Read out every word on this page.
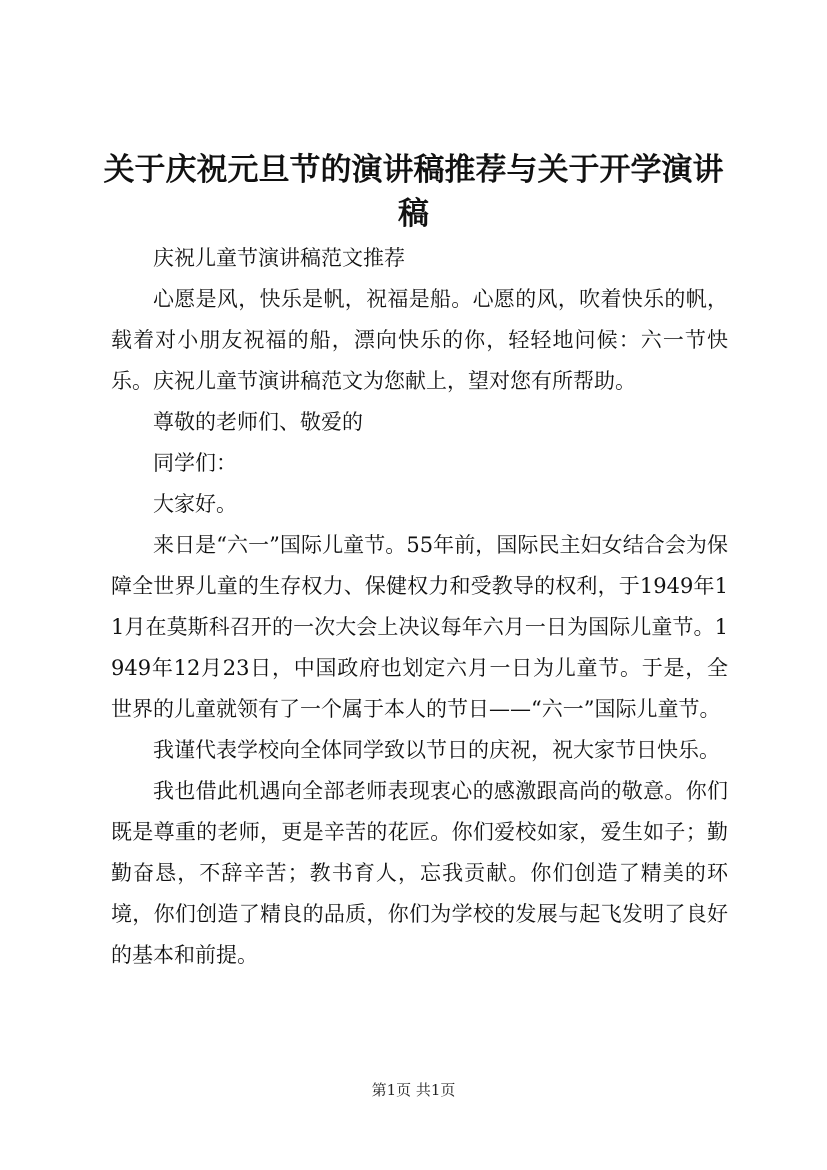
关于庆祝元旦节的演讲稿推荐与关于开学演讲稿

庆祝儿童节演讲稿范文推荐

心愿是风，快乐是帆，祝福是船。心愿的风，吹着快乐的帆，载着对小朋友祝福的船，漂向快乐的你，轻轻地问候：六一节快乐。庆祝儿童节演讲稿范文为您献上，望对您有所帮助。

尊敬的老师们、敬爱的

同学们：

大家好。

来日是“六一”国际儿童节。55年前，国际民主妇女结合会为保障全世界儿童的生存权力、保健权力和受教导的权利，于1949年11月在莫斯科召开的一次大会上决议每年六月一日为国际儿童节。1949年12月23日，中国政府也划定六月一日为儿童节。于是，全世界的儿童就领有了一个属于本人的节日——“六一”国际儿童节。

我谨代表学校向全体同学致以节日的庆祝，祝大家节日快乐。

我也借此机遇向全部老师表现衷心的感激跟高尚的敬意。你们既是尊重的老师，更是辛苦的花匠。你们爱校如家，爱生如子；勤勤奋恳，不辞辛苦；教书育人，忘我贡献。你们创造了精美的环境，你们创造了精良的品质，你们为学校的发展与起飞发明了良好的基本和前提。

第1页 共1页
